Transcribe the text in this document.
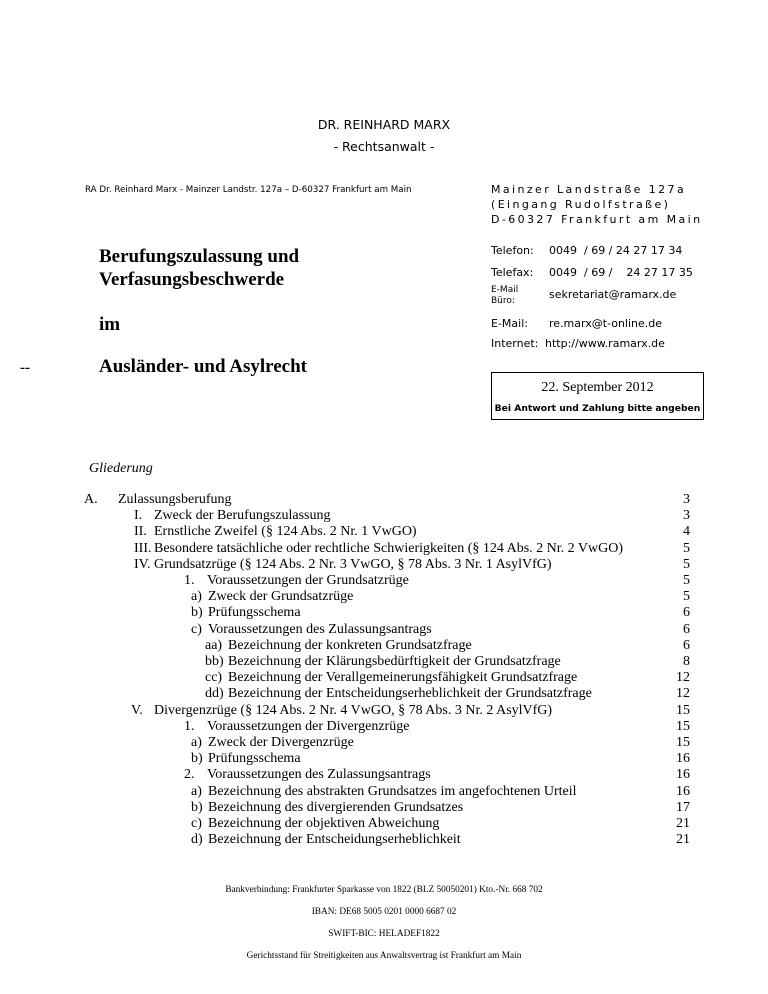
DR. REINHARD MARX
- Rechtsanwalt -
RA Dr. Reinhard Marx - Mainzer Landstr. 127a – D-60327 Frankfurt am Main	Mainzer Landstraße 127a
(Eingang Rudolfstraße)
D-60327 Frankfurt am Main
Telefon: 0049  / 69 / 24 27 17 34
Telefax: 0049  / 69 /    24 27 17 35
E-Mail
Büro:	sekretariat@ramarx.de
E-Mail: re.marx@t-online.de
Internet: http://www.ramarx.de
Berufungszulassung und
Verfasungsbeschwerde
im
--	Ausländer- und Asylrecht
22. September 2012
Bei Antwort und Zahlung bitte angeben
Gliederung
A. Zulassungsberufung	3
I. Zweck der Berufungszulassung	3
II. Ernstliche Zweifel (§ 124 Abs. 2 Nr. 1 VwGO)	4
III. Besondere tatsächliche oder rechtliche Schwierigkeiten (§ 124 Abs. 2 Nr. 2 VwGO)	5
IV. Grundsatzrüge (§ 124 Abs. 2 Nr. 3 VwGO, § 78 Abs. 3 Nr. 1 AsylVfG)	5
1. Voraussetzungen der Grundsatzrüge	5
a) Zweck der Grundsatzrüge	5
b) Prüfungsschema	6
c) Voraussetzungen des Zulassungsantrags	6
aa) Bezeichnung der konkreten Grundsatzfrage	6
bb) Bezeichnung der Klärungsbedürftigkeit der Grundsatzfrage	8
cc) Bezeichnung der Verallgemeinerungsfähigkeit Grundsatzfrage	12
dd) Bezeichnung der Entscheidungserheblichkeit der Grundsatzfrage	12
V. Divergenzrüge (§ 124 Abs. 2 Nr. 4 VwGO, § 78 Abs. 3 Nr. 2 AsylVfG)	15
1. Voraussetzungen der Divergenzrüge	15
a) Zweck der Divergenzrüge	15
b) Prüfungsschema	16
2. Voraussetzungen des Zulassungsantrags	16
a) Bezeichnung des abstrakten Grundsatzes im angefochtenen Urteil	16
b) Bezeichnung des divergierenden Grundsatzes	17
c) Bezeichnung der objektiven Abweichung	21
d) Bezeichnung der Entscheidungserheblichkeit	21
Bankverbindung: Frankfurter Sparkasse von 1822 (BLZ 50050201) Kto.-Nr. 668 702
IBAN: DE68 5005 0201 0000 6687 02
SWIFT-BIC: HELADEF1822
Gerichtsstand für Streitigkeiten aus Anwaltsvertrag ist Frankfurt am Main
